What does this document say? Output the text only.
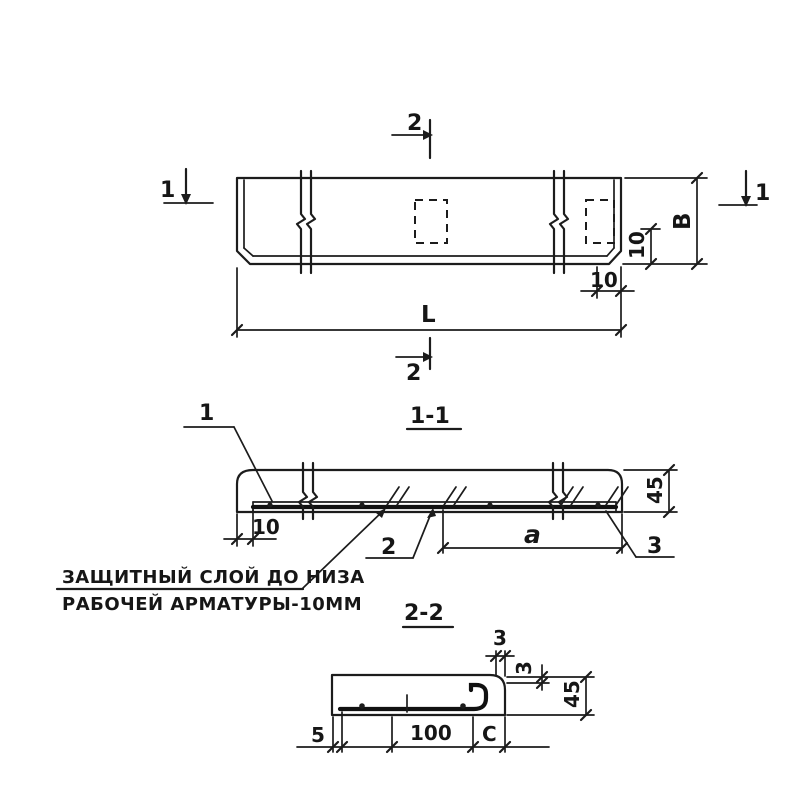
2
2
1	1
B
10
10
L
1-1
1
2	3
10	a
45
ЗАЩИТНЫЙ СЛОЙ ДО НИЗА
РАБОЧЕЙ АРМАТУРЫ-10ММ 2-2
3
3
45
5	100 С
